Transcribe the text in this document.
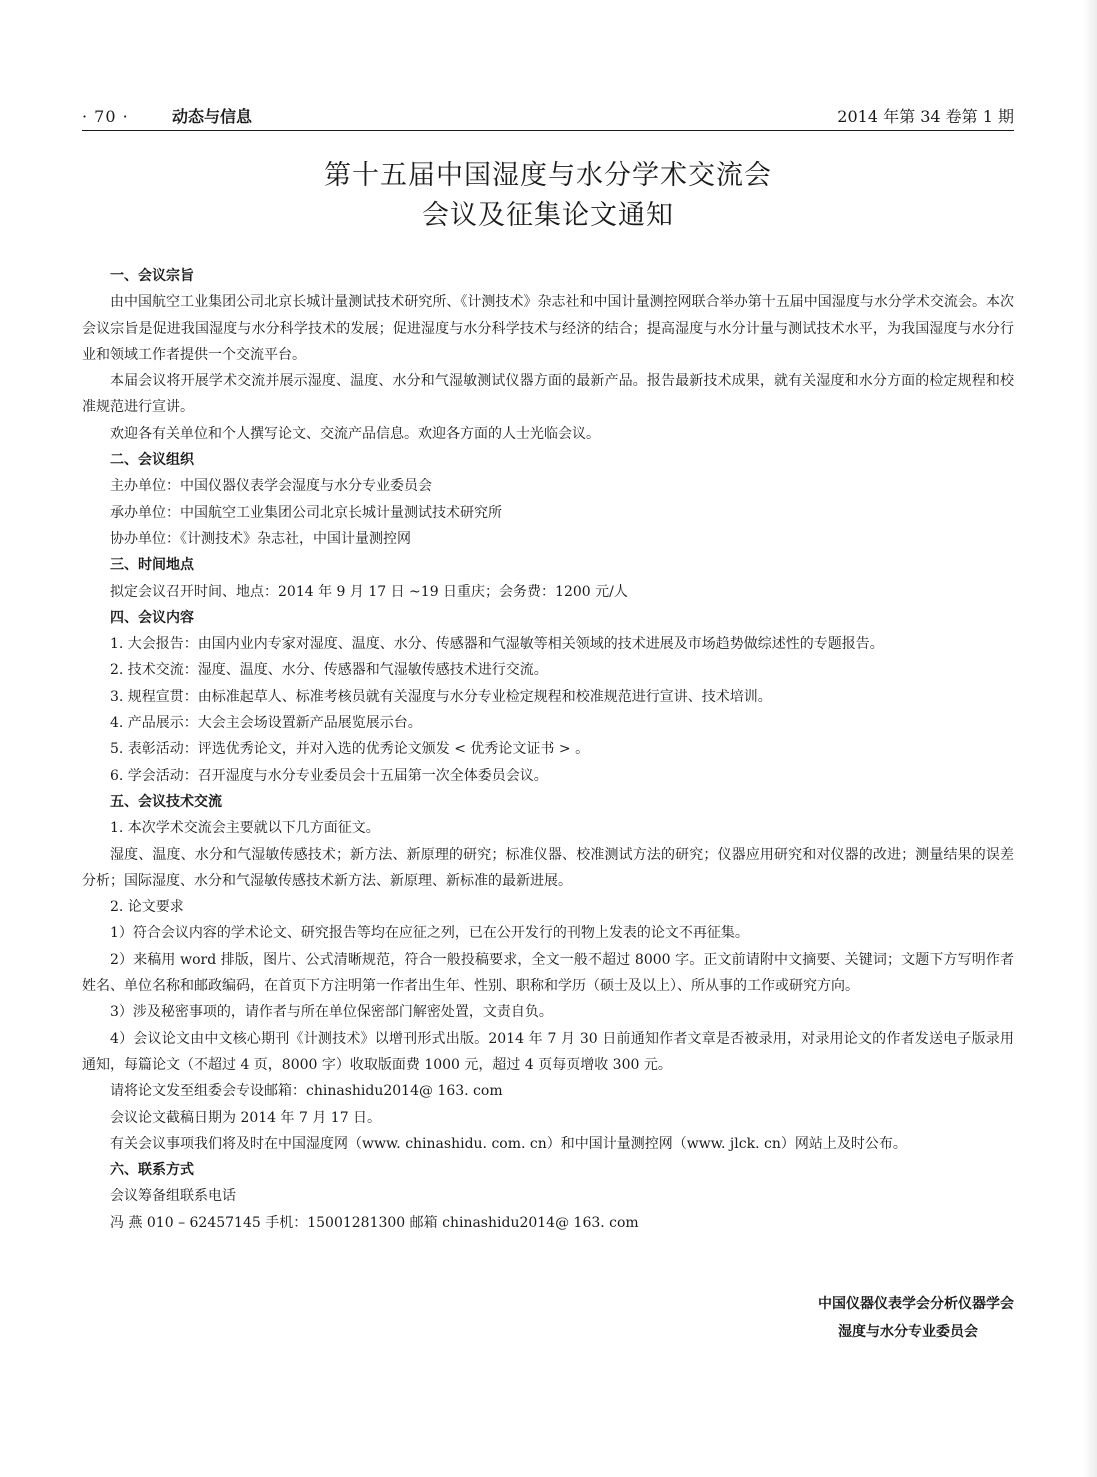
· 70 ·	动态与信息	2014 年第 34 卷第 1 期
第十五届中国湿度与水分学术交流会
会议及征集论文通知
一、会议宗旨

由中国航空工业集团公司北京长城计量测试技术研究所、《计测技术》杂志社和中国计量测控网联合举办第十五届中国湿度与水分学术交流会。本次会议宗旨是促进我国湿度与水分科学技术的发展；促进湿度与水分科学技术与经济的结合；提高湿度与水分计量与测试技术水平，为我国湿度与水分行业和领域工作者提供一个交流平台。

本届会议将开展学术交流并展示湿度、温度、水分和气湿敏测试仪器方面的最新产品。报告最新技术成果，就有关湿度和水分方面的检定规程和校准规范进行宣讲。

欢迎各有关单位和个人撰写论文、交流产品信息。欢迎各方面的人士光临会议。

二、会议组织

主办单位：中国仪器仪表学会湿度与水分专业委员会

承办单位：中国航空工业集团公司北京长城计量测试技术研究所

协办单位：《计测技术》杂志社，中国计量测控网

三、时间地点

拟定会议召开时间、地点：2014 年 9 月 17 日 ~19 日重庆；会务费：1200 元/人

四、会议内容

1. 大会报告：由国内业内专家对湿度、温度、水分、传感器和气湿敏等相关领域的技术进展及市场趋势做综述性的专题报告。

2. 技术交流：湿度、温度、水分、传感器和气湿敏传感技术进行交流。

3. 规程宣贯：由标准起草人、标准考核员就有关湿度与水分专业检定规程和校准规范进行宣讲、技术培训。

4. 产品展示：大会主会场设置新产品展览展示台。

5. 表彰活动：评选优秀论文，并对入选的优秀论文颁发 < 优秀论文证书 > 。

6. 学会活动：召开湿度与水分专业委员会十五届第一次全体委员会议。

五、会议技术交流

1. 本次学术交流会主要就以下几方面征文。

湿度、温度、水分和气湿敏传感技术；新方法、新原理的研究；标准仪器、校准测试方法的研究；仪器应用研究和对仪器的改进；测量结果的误差分析；国际湿度、水分和气湿敏传感技术新方法、新原理、新标准的最新进展。

2. 论文要求

1）符合会议内容的学术论文、研究报告等均在应征之列，已在公开发行的刊物上发表的论文不再征集。

2）来稿用 word 排版，图片、公式清晰规范，符合一般投稿要求，全文一般不超过 8000 字。正文前请附中文摘要、关键词；文题下方写明作者姓名、单位名称和邮政编码，在首页下方注明第一作者出生年、性别、职称和学历（硕士及以上）、所从事的工作或研究方向。

3）涉及秘密事项的，请作者与所在单位保密部门解密处置，文责自负。

4）会议论文由中文核心期刊《计测技术》以增刊形式出版。2014 年 7 月 30 日前通知作者文章是否被录用，对录用论文的作者发送电子版录用通知，每篇论文（不超过 4 页，8000 字）收取版面费 1000 元，超过 4 页每页增收 300 元。

请将论文发至组委会专设邮箱：chinashidu2014@ 163. com

会议论文截稿日期为 2014 年 7 月 17 日。

有关会议事项我们将及时在中国湿度网（www. chinashidu. com. cn）和中国计量测控网（www. jlck. cn）网站上及时公布。

六、联系方式

会议筹备组联系电话

冯 燕 010 – 62457145 手机：15001281300 邮箱 chinashidu2014@ 163. com

中国仪器仪表学会分析仪器学会
湿度与水分专业委员会
